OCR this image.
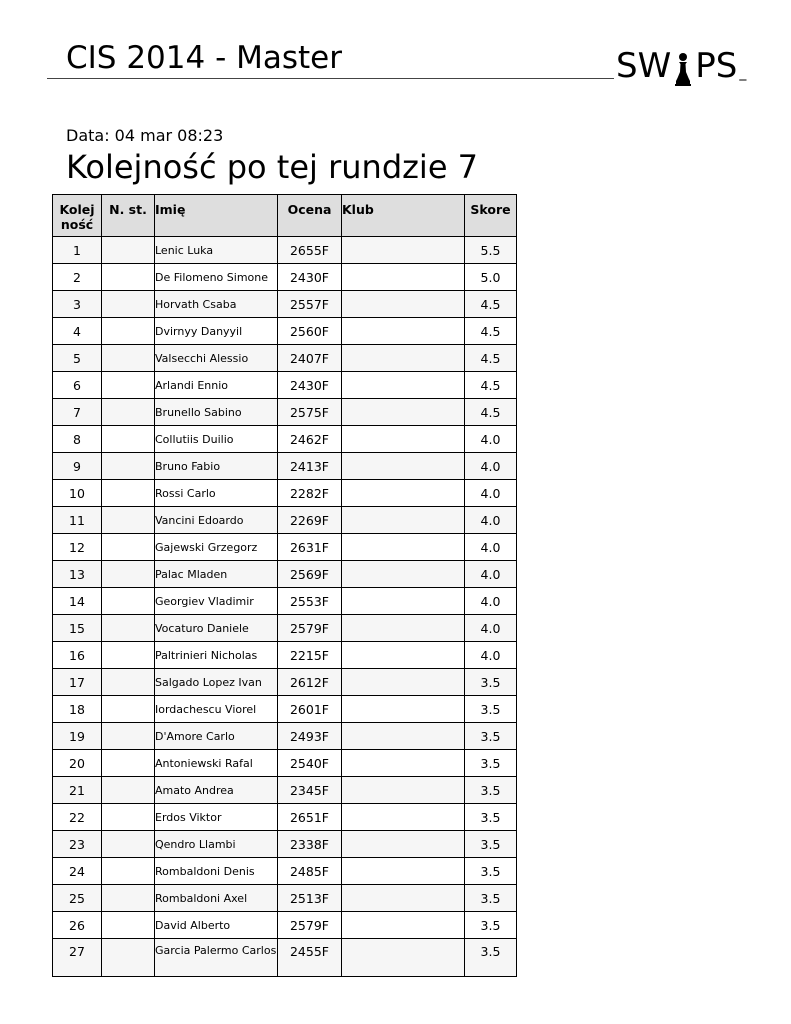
CIS 2014 - Master	S W P S _
Data: 04 mar 08:23
Kolejność po tej rundzie 7
Kolej ność	N. st.	Imię	Ocena	Klub	Skore
1		Lenic Luka	2655F		5.5
2		De Filomeno Simone	2430F		5.0
3		Horvath Csaba	2557F		4.5
4		Dvirnyy Danyyil	2560F		4.5
5		Valsecchi Alessio	2407F		4.5
6		Arlandi Ennio	2430F		4.5
7		Brunello Sabino	2575F		4.5
8		Collutiis Duilio	2462F		4.0
9		Bruno Fabio	2413F		4.0
10		Rossi Carlo	2282F		4.0
11		Vancini Edoardo	2269F		4.0
12		Gajewski Grzegorz	2631F		4.0
13		Palac Mladen	2569F		4.0
14		Georgiev Vladimir	2553F		4.0
15		Vocaturo Daniele	2579F		4.0
16		Paltrinieri Nicholas	2215F		4.0
17		Salgado Lopez Ivan	2612F		3.5
18		Iordachescu Viorel	2601F		3.5
19		D'Amore Carlo	2493F		3.5
20		Antoniewski Rafal	2540F		3.5
21		Amato Andrea	2345F		3.5
22		Erdos Viktor	2651F		3.5
23		Qendro Llambi	2338F		3.5
24		Rombaldoni Denis	2485F		3.5
25		Rombaldoni Axel	2513F		3.5
26		David Alberto	2579F		3.5
27		Garcia Palermo Carlos	2455F		3.5
